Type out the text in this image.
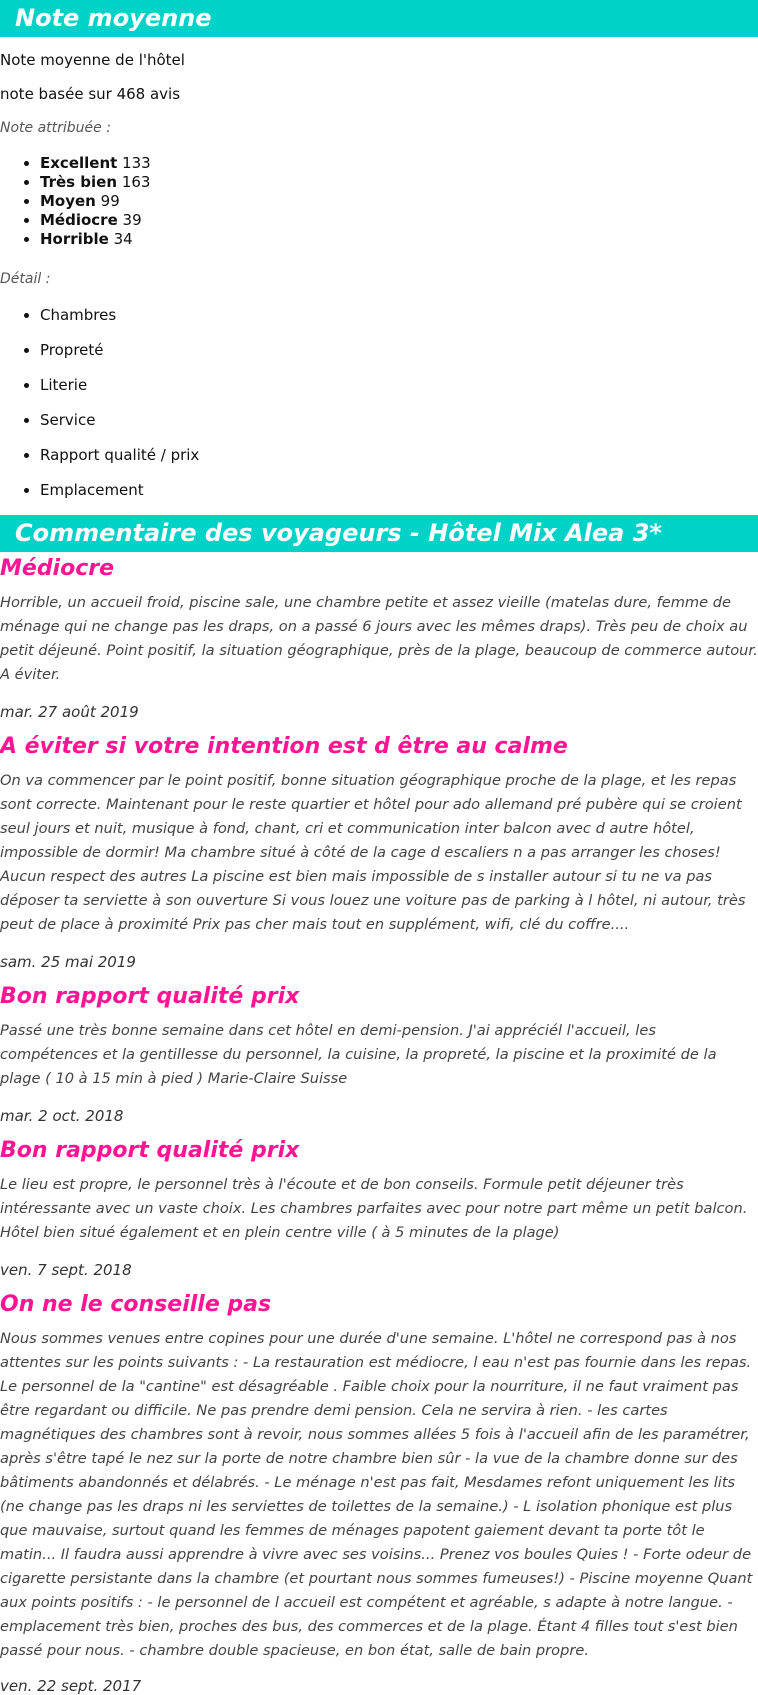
Note moyenne

Note moyenne de l'hôtel

note basée sur 468 avis

Note attribuée :

• Excellent 133
• Très bien 163
• Moyen 99
• Médiocre 39
• Horrible 34

Détail :

• Chambres
• Propreté
• Literie
• Service
• Rapport qualité / prix
• Emplacement
Commentaire des voyageurs - Hôtel Mix Alea 3*
Médiocre

Horrible, un accueil froid, piscine sale, une chambre petite et assez vieille (matelas dure, femme de ménage qui ne change pas les draps, on a passé 6 jours avec les mêmes draps). Très peu de choix au petit déjeuné. Point positif, la situation géographique, près de la plage, beaucoup de commerce autour. A éviter.

mar. 27 août 2019

A éviter si votre intention est d être au calme

On va commencer par le point positif, bonne situation géographique proche de la plage, et les repas sont correcte. Maintenant pour le reste quartier et hôtel pour ado allemand pré pubère qui se croient seul jours et nuit, musique à fond, chant, cri et communication inter balcon avec d autre hôtel, impossible de dormir! Ma chambre situé à côté de la cage d escaliers n a pas arranger les choses! Aucun respect des autres La piscine est bien mais impossible de s installer autour si tu ne va pas déposer ta serviette à son ouverture Si vous louez une voiture pas de parking à l hôtel, ni autour, très peut de place à proximité Prix pas cher mais tout en supplément, wifi, clé du coffre....

sam. 25 mai 2019

Bon rapport qualité prix

Passé une très bonne semaine dans cet hôtel en demi-pension. J'ai appréciél l'accueil, les compétences et la gentillesse du personnel, la cuisine, la propreté, la piscine et la proximité de la plage ( 10 à 15 min à pied ) Marie-Claire Suisse

mar. 2 oct. 2018

Bon rapport qualité prix

Le lieu est propre, le personnel très à l'écoute et de bon conseils. Formule petit déjeuner très intéressante avec un vaste choix. Les chambres parfaites avec pour notre part même un petit balcon. Hôtel bien situé également et en plein centre ville ( à 5 minutes de la plage)

ven. 7 sept. 2018

On ne le conseille pas

Nous sommes venues entre copines pour une durée d'une semaine. L'hôtel ne correspond pas à nos attentes sur les points suivants : - La restauration est médiocre, l eau n'est pas fournie dans les repas. Le personnel de la "cantine" est désagréable . Faible choix pour la nourriture, il ne faut vraiment pas être regardant ou difficile. Ne pas prendre demi pension. Cela ne servira à rien. - les cartes magnétiques des chambres sont à revoir, nous sommes allées 5 fois à l'accueil afin de les paramétrer, après s'être tapé le nez sur la porte de notre chambre bien sûr - la vue de la chambre donne sur des bâtiments abandonnés et délabrés. - Le ménage n'est pas fait, Mesdames refont uniquement les lits (ne change pas les draps ni les serviettes de toilettes de la semaine.) - L isolation phonique est plus que mauvaise, surtout quand les femmes de ménages papotent gaiement devant ta porte tôt le matin... Il faudra aussi apprendre à vivre avec ses voisins... Prenez vos boules Quies ! - Forte odeur de cigarette persistante dans la chambre (et pourtant nous sommes fumeuses!) - Piscine moyenne Quant aux points positifs : - le personnel de l accueil est compétent et agréable, s adapte à notre langue. - emplacement très bien, proches des bus, des commerces et de la plage. Étant 4 filles tout s'est bien passé pour nous. - chambre double spacieuse, en bon état, salle de bain propre.

ven. 22 sept. 2017
